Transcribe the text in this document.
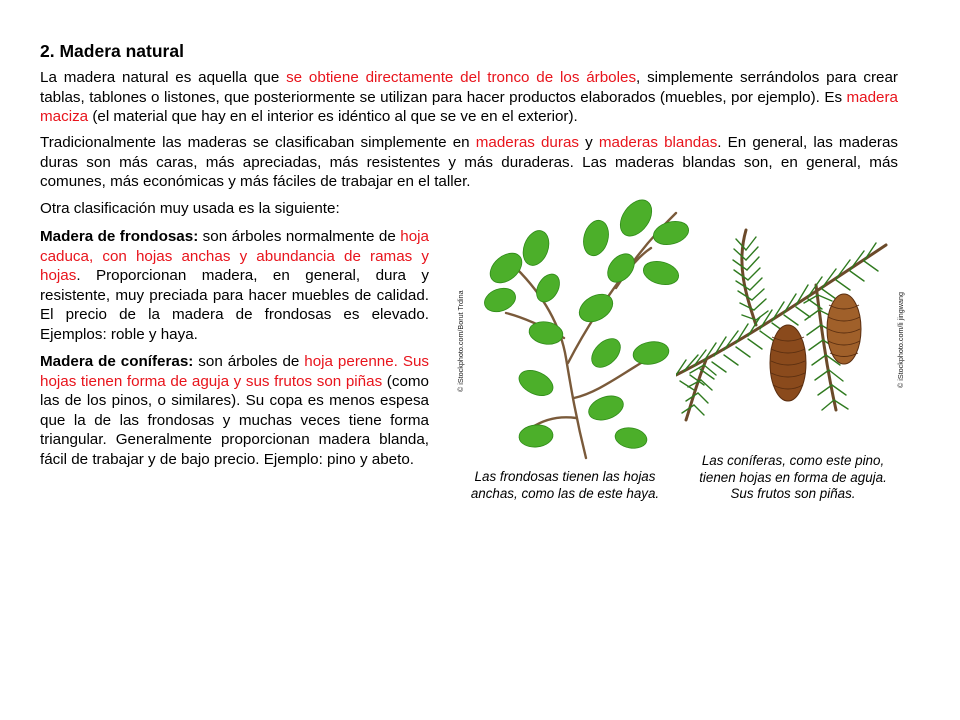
2. Madera natural

La madera natural es aquella que se obtiene directamente del tronco de los árboles, simplemente serrándolos para crear tablas, tablones o listones, que posteriormente se utilizan para hacer productos elaborados (muebles, por ejemplo). Es madera maciza (el material que hay en el interior es idéntico al que se ve en el exterior).

Tradicionalmente las maderas se clasificaban simplemente en maderas duras y maderas blandas. En general, las maderas duras son más caras, más apreciadas, más resistentes y más duraderas. Las maderas blandas son, en general, más comunes, más económicas y más fáciles de trabajar en el taller.

Otra clasificación muy usada es la siguiente:

Madera de frondosas: son árboles normalmente de hoja caduca, con hojas anchas y abundancia de ramas y hojas. Proporcionan madera, en general, dura y resistente, muy preciada para hacer muebles de calidad. El precio de la madera de frondosas es elevado. Ejemplos: roble y haya.

Madera de coníferas: son árboles de hoja perenne. Sus hojas tienen forma de aguja y sus frutos son piñas (como las de los pinos, o similares). Su copa es menos espesa que la de las frondosas y muchas veces tiene forma triangular. Generalmente proporcionan madera blanda, fácil de trabajar y de bajo precio. Ejemplo: pino y abeto.

© iStockphoto.com/Borut Trdina	© iStockphoto.com/li jingwang
Las frondosas tienen las hojas anchas, como las de este haya.
Las coníferas, como este pino, tienen hojas en forma de aguja. Sus frutos son piñas.
